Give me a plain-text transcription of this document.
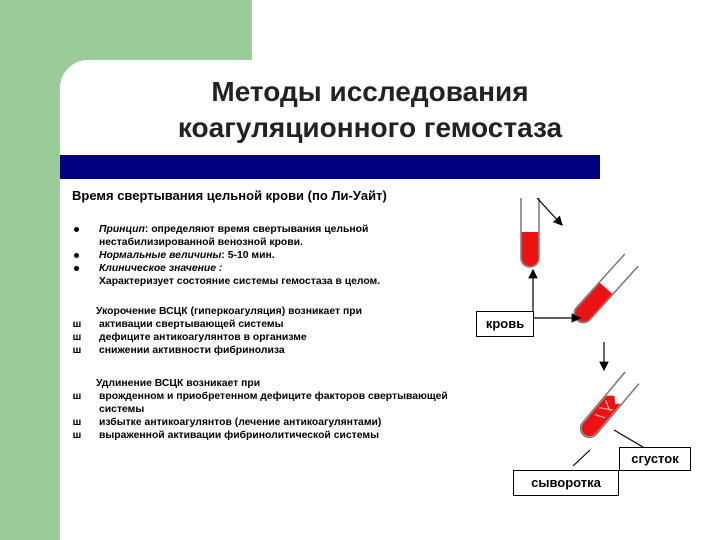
Методы исследования
коагуляционного гемостаза
Время свертывания цельной крови (по Ли-Уайт)
Принцип: определяют время свертывания цельной
нестабилизированной венозной крови.
Нормальные величины: 5-10 мин.
Клиническое значение :
Характеризует состояние системы гемостаза в целом.
Укорочение ВСЦК (гиперкоагуляция) возникает при
ш активации свертывающей системы
ш дефиците антикоагулянтов в организме
ш снижении активности фибринолиза
Удлинение ВСЦК возникает при
ш врожденном и приобретенном дефиците факторов свертывающей
системы
ш избытке антикоагулянтов (лечение антикоагулянтами)
ш выраженной активации фибринолитической системы
кровь
сгусток
сыворотка
